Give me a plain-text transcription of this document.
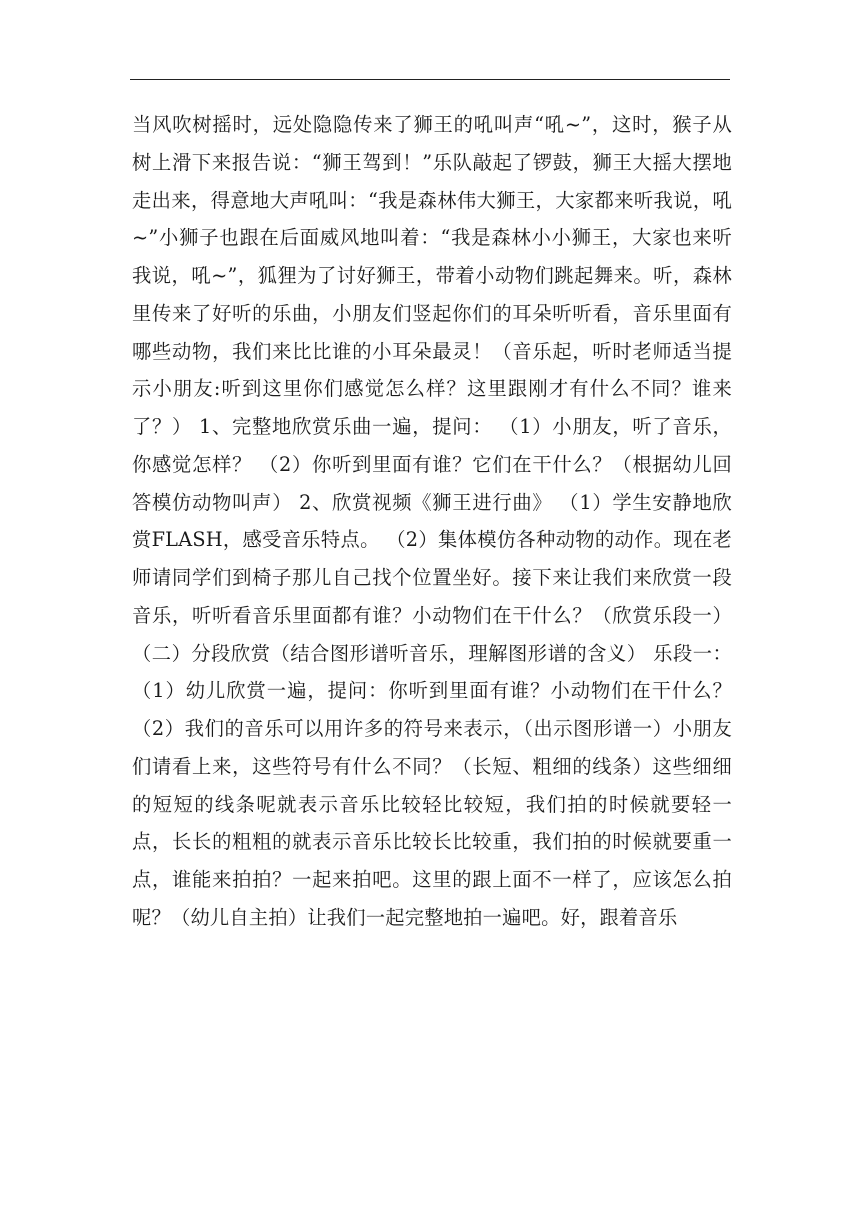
当风吹树摇时，远处隐隐传来了狮王的吼叫声“吼~”，这时，猴子从树上滑下来报告说：“狮王驾到！”乐队敲起了锣鼓，狮王大摇大摆地走出来，得意地大声吼叫：“我是森林伟大狮王，大家都来听我说，吼~”小狮子也跟在后面威风地叫着：“我是森林小小狮王，大家也来听我说，吼~”，狐狸为了讨好狮王，带着小动物们跳起舞来。听，森林里传来了好听的乐曲，小朋友们竖起你们的耳朵听听看，音乐里面有哪些动物，我们来比比谁的小耳朵最灵！（音乐起，听时老师适当提示小朋友:听到这里你们感觉怎么样？这里跟刚才有什么不同？谁来了？） 1、完整地欣赏乐曲一遍，提问： （1）小朋友，听了音乐，你感觉怎样？ （2）你听到里面有谁？它们在干什么？（根据幼儿回答模仿动物叫声） 2、欣赏视频《狮王进行曲》 （1）学生安静地欣赏FLASH，感受音乐特点。 （2）集体模仿各种动物的动作。现在老师请同学们到椅子那儿自己找个位置坐好。接下来让我们来欣赏一段音乐，听听看音乐里面都有谁？小动物们在干什么？（欣赏乐段一） （二）分段欣赏（结合图形谱听音乐，理解图形谱的含义） 乐段一：（1）幼儿欣赏一遍，提问：你听到里面有谁？小动物们在干什么？ （2）我们的音乐可以用许多的符号来表示，（出示图形谱一）小朋友们请看上来，这些符号有什么不同？（长短、粗细的线条）这些细细的短短的线条呢就表示音乐比较轻比较短，我们拍的时候就要轻一点，长长的粗粗的就表示音乐比较长比较重，我们拍的时候就要重一点，谁能来拍拍？一起来拍吧。这里的跟上面不一样了，应该怎么拍呢？（幼儿自主拍）让我们一起完整地拍一遍吧。好，跟着音乐
